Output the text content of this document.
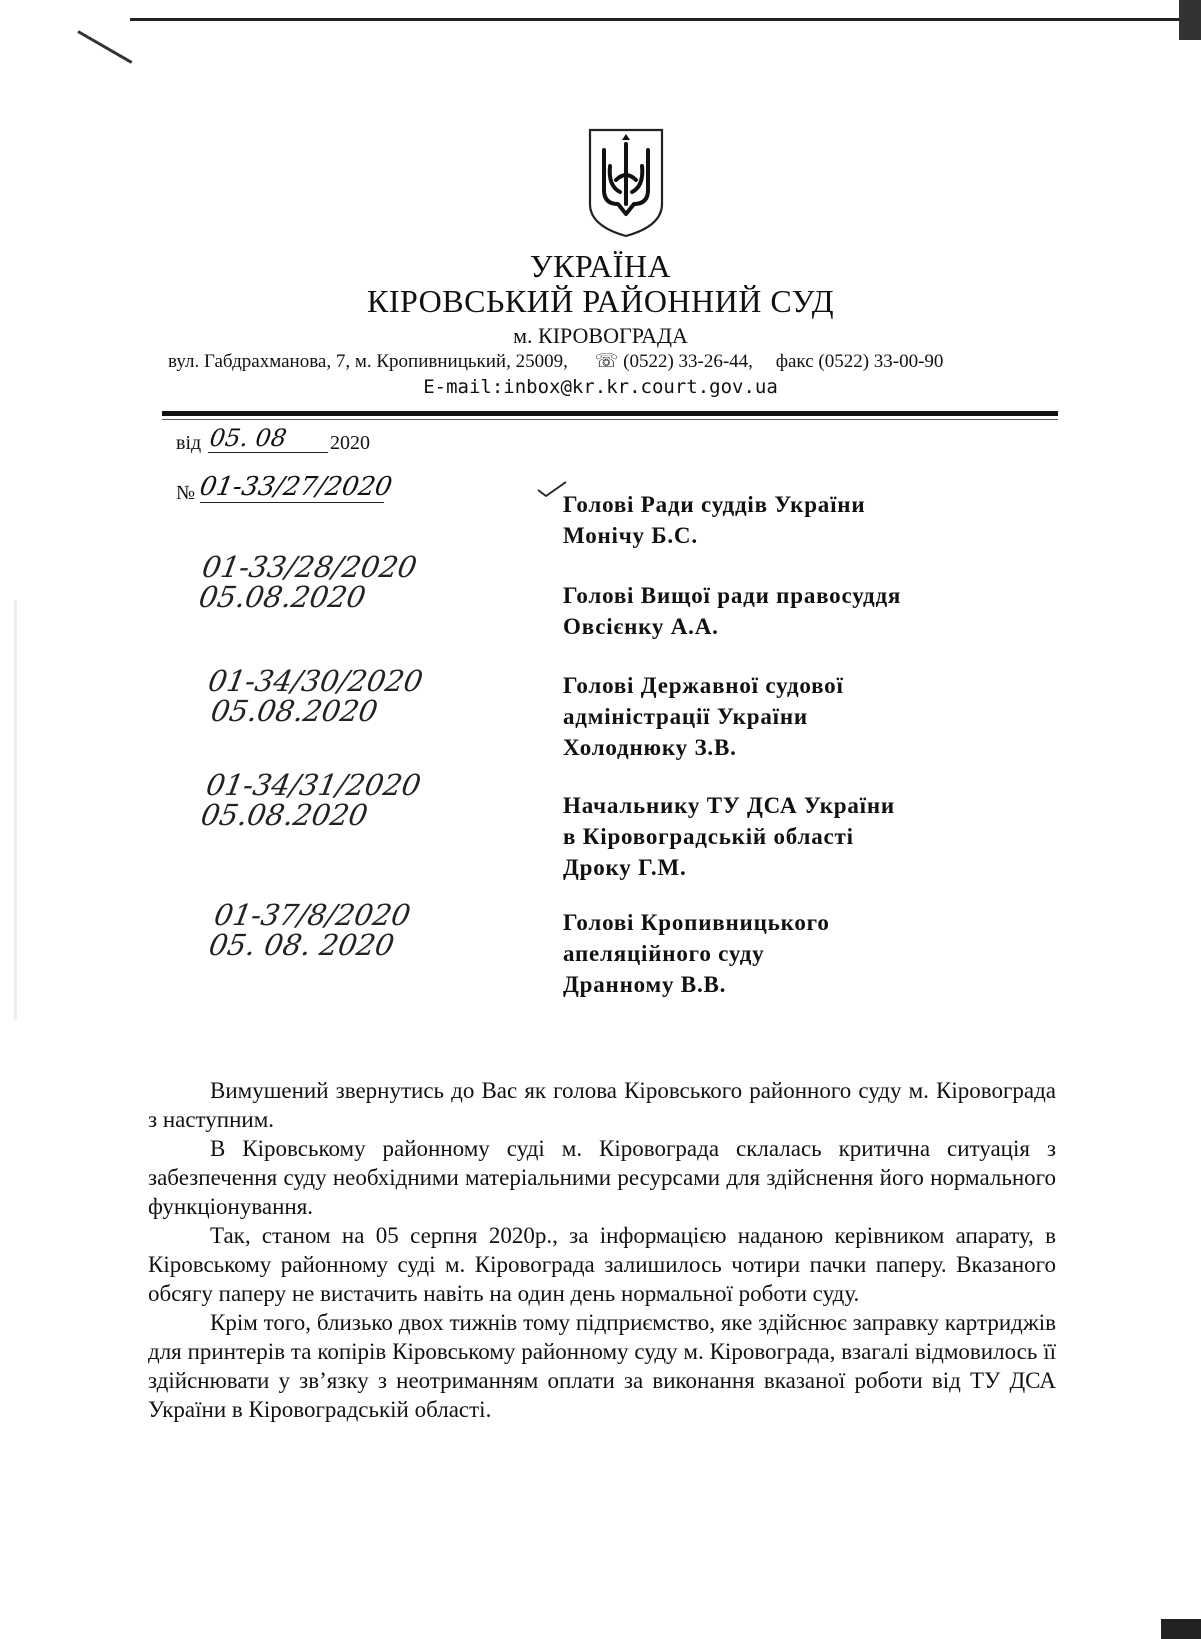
УКРАЇНА
КІРОВСЬКИЙ РАЙОННИЙ СУД
м. КІРОВОГРАДА
вул. Габдрахманова, 7, м. Кропивницький, 25009, ☏ (0522) 33-26-44, факс (0522) 33-00-90
E-mail:inbox@kr.kr.court.gov.ua
від 05. 08 2020
№ 01-33/27/2020
01-33/28/2020
05.08.2020
01-34/30/2020
05.08.2020
01-34/31/2020
05.08.2020
01-37/8/2020
05. 08. 2020
Голові Ради суддів України
Монічу Б.С.
Голові Вищої ради правосуддя
Овсієнку А.А.
Голові Державної судової
адміністрації України
Холоднюку З.В.
Начальнику ТУ ДСА України
в Кіровоградській області
Дроку Г.М.
Голові Кропивницького
апеляційного суду
Дранному В.В.

Вимушений звернутись до Вас як голова Кіровського районного суду м. Кіровограда з наступним.

В Кіровському районному суді м. Кіровограда склалась критична ситуація з забезпечення суду необхідними матеріальними ресурсами для здійснення його нормального функціонування.

Так, станом на 05 серпня 2020р., за інформацією наданою керівником апарату, в Кіровському районному суді м. Кіровограда залишилось чотири пачки паперу. Вказаного обсягу паперу не вистачить навіть на один день нормальної роботи суду.

Крім того, близько двох тижнів тому підприємство, яке здійснює заправку картриджів для принтерів та копірів Кіровському районному суду м. Кіровограда, взагалі відмовилось її здійснювати у зв’язку з неотриманням оплати за виконання вказаної роботи від ТУ ДСА України в Кіровоградській області.
